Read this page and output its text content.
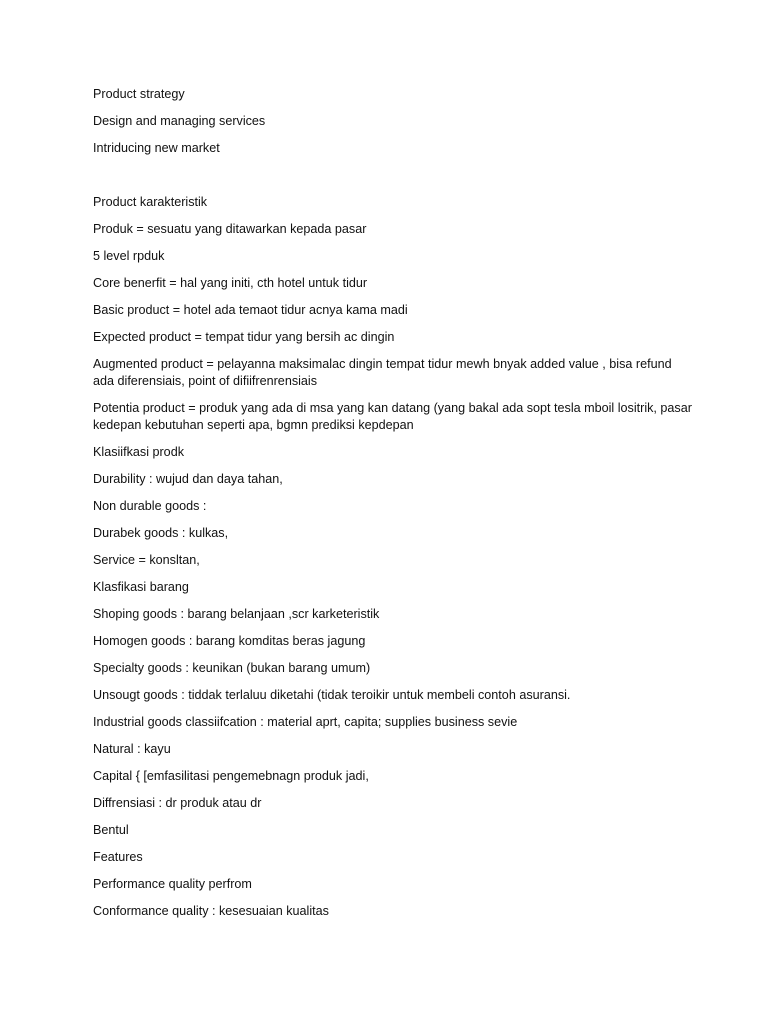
Product strategy

Design and managing services

Intriducing new market

Product karakteristik

Produk = sesuatu yang ditawarkan kepada pasar

5 level rpduk

Core benerfit = hal yang initi, cth hotel untuk tidur

Basic product = hotel ada temaot tidur acnya kama madi

Expected product = tempat tidur yang bersih ac dingin

Augmented product = pelayanna maksimalac dingin tempat tidur mewh bnyak added value , bisa refund ada diferensiais, point of difiifrenrensiais

Potentia product = produk yang ada di msa yang kan datang (yang bakal ada sopt tesla mboil lositrik, pasar kedepan kebutuhan seperti apa, bgmn prediksi kepdepan

Klasiifkasi prodk

Durability : wujud dan daya tahan,

Non durable goods :

Durabek goods : kulkas,

Service = konsltan,

Klasfikasi barang

Shoping goods : barang belanjaan ,scr karketeristik

Homogen goods : barang komditas beras jagung

Specialty goods : keunikan (bukan barang umum)

Unsougt goods : tiddak terlaluu diketahi (tidak teroikir untuk membeli contoh asuransi.

Industrial goods classiifcation : material aprt, capita; supplies business sevie

Natural : kayu

Capital { [emfasilitasi pengemebnagn produk jadi,

Diffrensiasi : dr produk atau dr

Bentul

Features

Performance quality perfrom

Conformance quality : kesesuaian kualitas
